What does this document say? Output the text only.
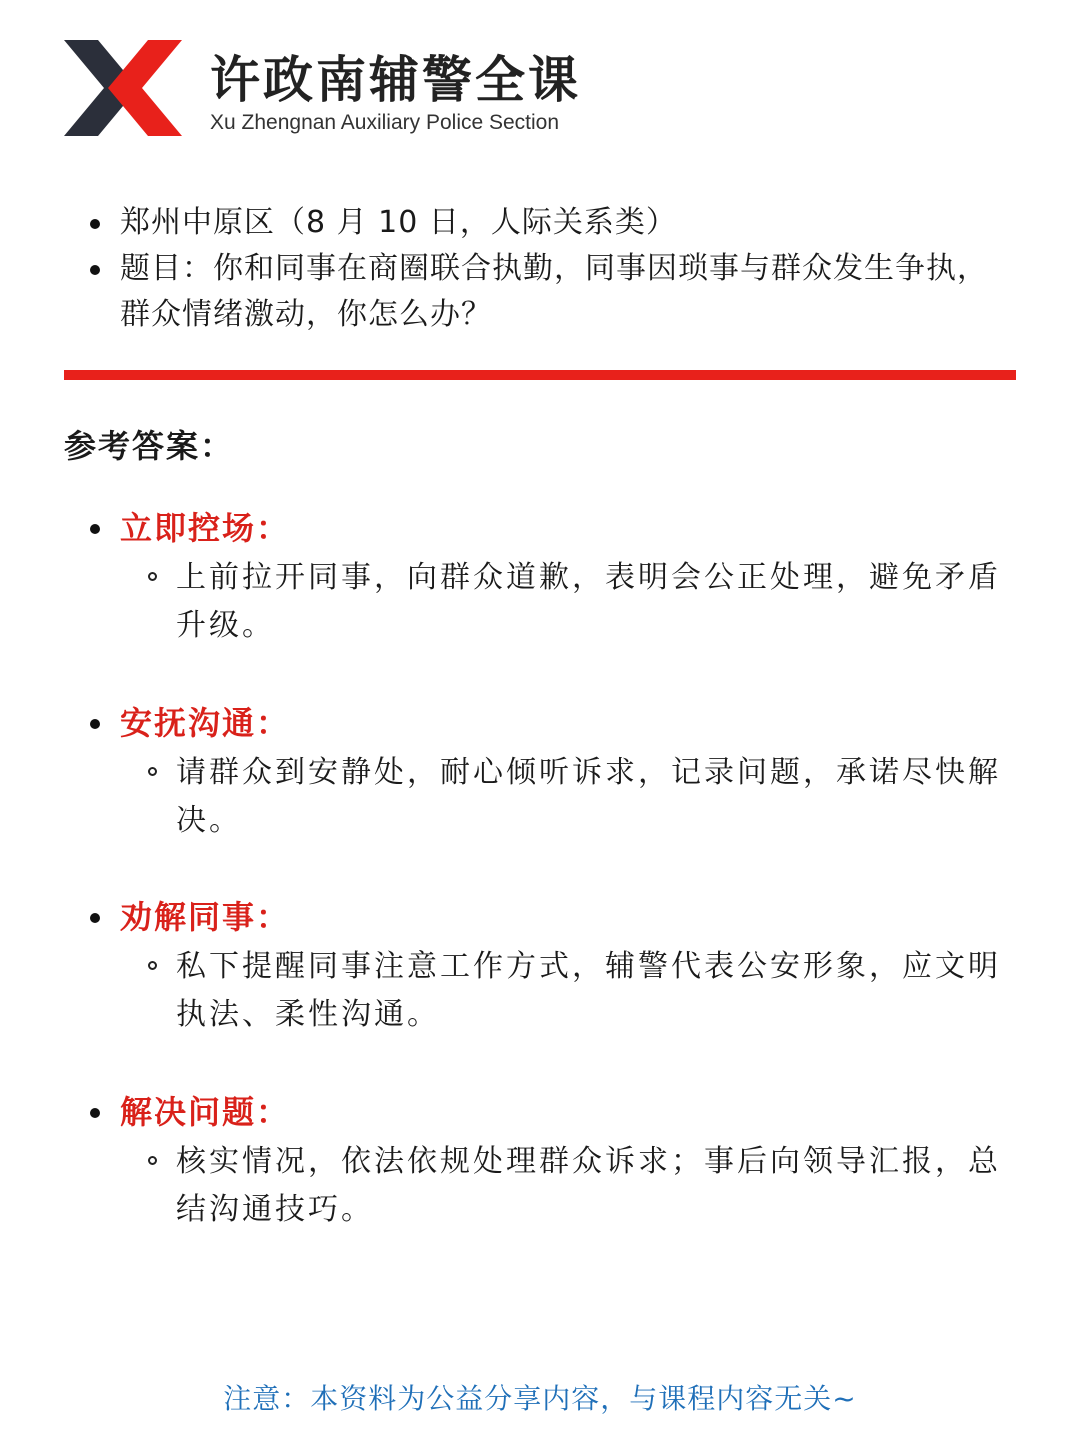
许政南辅警全课
Xu Zhengnan Auxiliary Police Section
郑州中原区（8 月 10 日，人际关系类）
题目：你和同事在商圈联合执勤，同事因琐事与群众发生争执，群众情绪激动，你怎么办？
参考答案：
立即控场：
上前拉开同事，向群众道歉，表明会公正处理，避免矛盾升级。
安抚沟通：
请群众到安静处，耐心倾听诉求，记录问题，承诺尽快解决。
劝解同事：
私下提醒同事注意工作方式，辅警代表公安形象，应文明执法、柔性沟通。
解决问题：
核实情况，依法依规处理群众诉求；事后向领导汇报，总结沟通技巧。
注意：本资料为公益分享内容，与课程内容无关~
